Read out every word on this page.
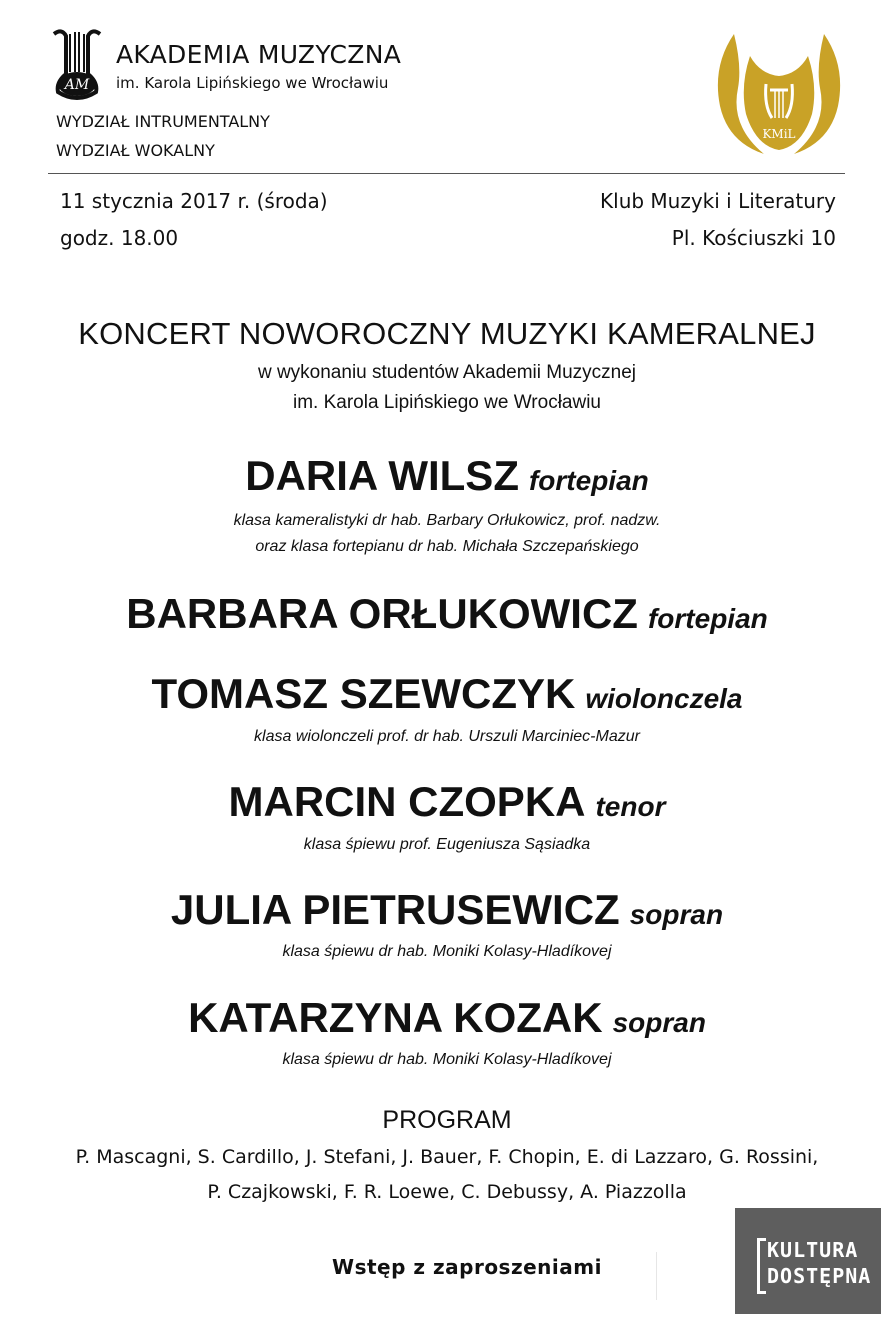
AM
AKADEMIA MUZYCZNA
im. Karola Lipińskiego we Wrocławiu
WYDZIAŁ INTRUMENTALNY
WYDZIAŁ WOKALNY
KMiL
W
11 stycznia 2017 r. (środa)
godz. 18.00
Klub Muzyki i Literatury
Pl. Kościuszki 10
KONCERT NOWOROCZNY MUZYKI KAMERALNEJ
w wykonaniu studentów Akademii Muzycznej
im. Karola Lipińskiego we Wrocławiu
DARIA WILSZ fortepian
klasa kameralistyki dr hab. Barbary Orłukowicz, prof. nadzw.
oraz klasa fortepianu dr hab. Michała Szczepańskiego
BARBARA ORŁUKOWICZ fortepian
TOMASZ SZEWCZYK wiolonczela
klasa wiolonczeli prof. dr hab. Urszuli Marciniec-Mazur
MARCIN CZOPKA tenor
klasa śpiewu prof. Eugeniusza Sąsiadka
JULIA PIETRUSEWICZ sopran
klasa śpiewu dr hab. Moniki Kolasy-Hladíkovej
KATARZYNA KOZAK sopran
klasa śpiewu dr hab. Moniki Kolasy-Hladíkovej
PROGRAM
P. Mascagni, S. Cardillo, J. Stefani, J. Bauer, F. Chopin, E. di Lazzaro, G. Rossini,
P. Czajkowski, F. R. Loewe, C. Debussy, A. Piazzolla
Wstęp z zaproszeniami
KULTURA
DOSTĘPNA
